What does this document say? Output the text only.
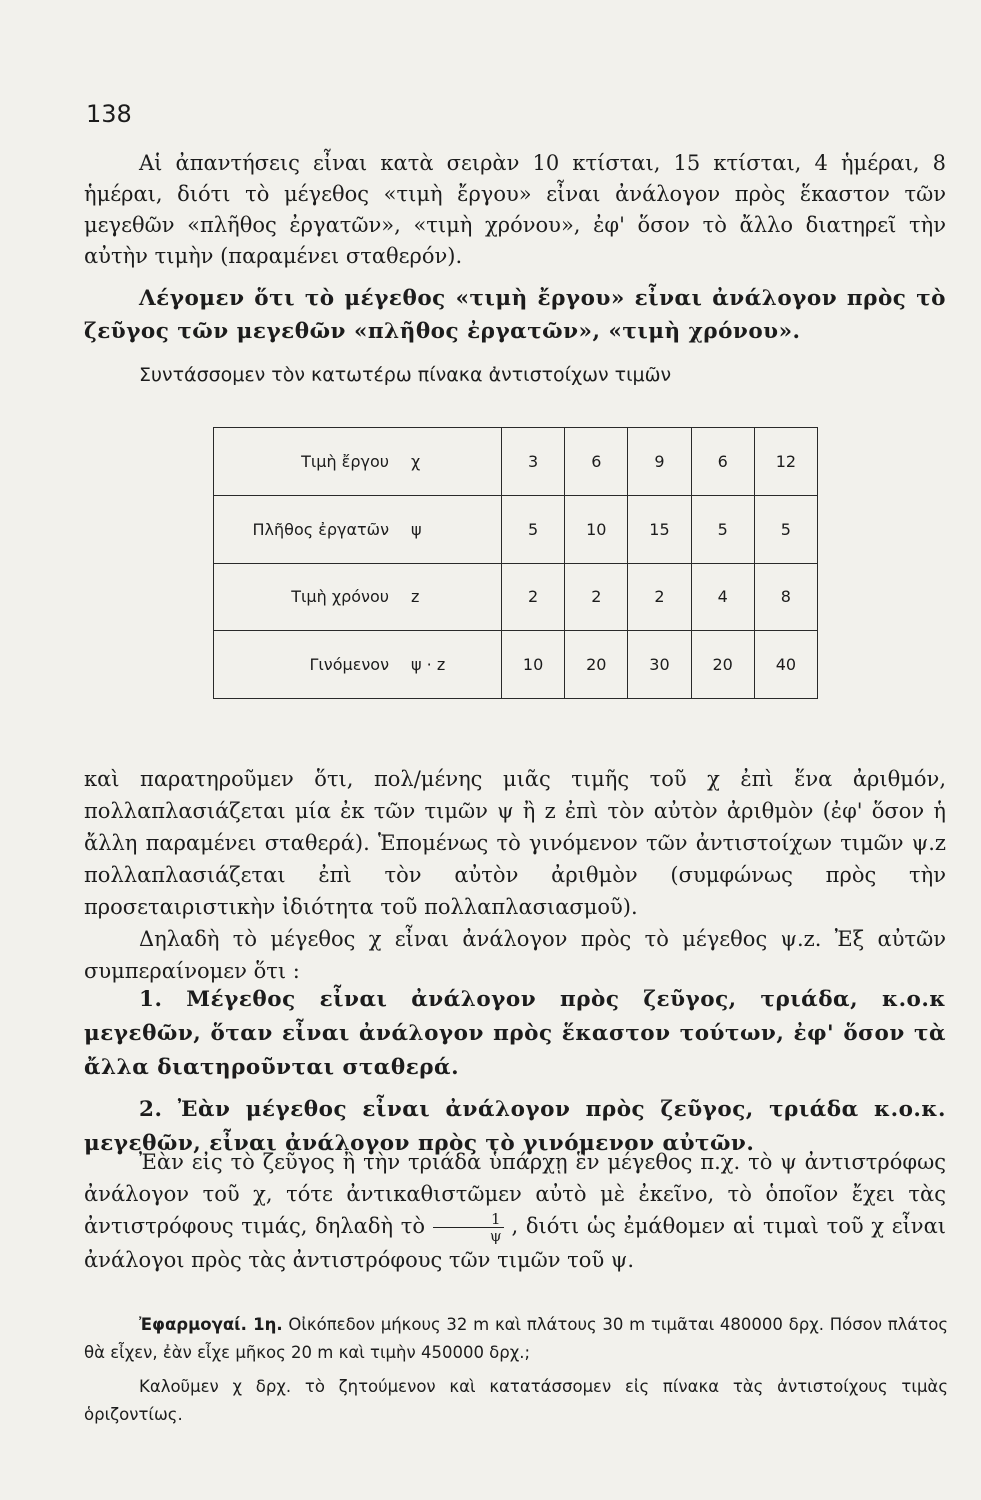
138

Αἱ ἀπαντήσεις εἶναι κατὰ σειρὰν 10 κτίσται, 15 κτίσται, 4 ἡμέραι, 8 ἡμέραι, διότι τὸ μέγεθος «τιμὴ ἔργου» εἶναι ἀνάλογον πρὸς ἕκαστον τῶν μεγεθῶν «πλῆθος ἐργατῶν», «τιμὴ χρόνου», ἐφ' ὅσον τὸ ἄλλο διατηρεῖ τὴν αὐτὴν τιμὴν (παραμένει σταθερόν).

Λέγομεν ὅτι τὸ μέγεθος «τιμὴ ἔργου» εἶναι ἀνάλογον πρὸς τὸ ζεῦγος τῶν μεγεθῶν «πλῆθος ἐργατῶν», «τιμὴ χρόνου».

Συντάσσομεν τὸν κατωτέρω πίνακα ἀντιστοίχων τιμῶν

Τιμὴ ἔργου	χ	3	6	9	6	12
Πλῆθος ἐργατῶν	ψ	5	10	15	5	5
Τιμὴ χρόνου	z	2	2	2	4	8
Γινόμενον	ψ · z	10	20	30	20	40

καὶ παρατηροῦμεν ὅτι, πολ/μένης μιᾶς τιμῆς τοῦ χ ἐπὶ ἕνα ἀριθμόν, πολλαπλασιάζεται μία ἐκ τῶν τιμῶν ψ ἢ z ἐπὶ τὸν αὐτὸν ἀριθμὸν (ἐφ' ὅσον ἡ ἄλλη παραμένει σταθερά). Ἑπομένως τὸ γινόμενον τῶν ἀντιστοίχων τιμῶν ψ.z πολλαπλασιάζεται ἐπὶ τὸν αὐτὸν ἀριθμὸν (συμφώνως πρὸς τὴν προσεταιριστικὴν ἰδιότητα τοῦ πολλαπλασιασμοῦ).

Δηλαδὴ τὸ μέγεθος χ εἶναι ἀνάλογον πρὸς τὸ μέγεθος ψ.z. Ἐξ αὐτῶν συμπεραίνομεν ὅτι :

1. Μέγεθος εἶναι ἀνάλογον πρὸς ζεῦγος, τριάδα, κ.ο.κ μεγεθῶν, ὅταν εἶναι ἀνάλογον πρὸς ἕκαστον τούτων, ἐφ' ὅσον τὰ ἄλλα διατηροῦνται σταθερά.

2. Ἐὰν μέγεθος εἶναι ἀνάλογον πρὸς ζεῦγος, τριάδα κ.ο.κ. μεγεθῶν, εἶναι ἀνάλογον πρὸς τὸ γινόμενον αὐτῶν.

Ἐὰν εἰς τὸ ζεῦγος ἢ τὴν τριάδα ὑπάρχῃ ἓν μέγεθος π.χ. τὸ ψ ἀντιστρόφως ἀνάλογον τοῦ χ, τότε ἀντικαθιστῶμεν αὐτὸ μὲ ἐκεῖνο, τὸ ὁποῖον ἔχει τὰς ἀντιστρόφους τιμάς, δηλαδὴ τὸ $\frac{1}{\psi}$ , διότι ὡς ἐμάθομεν αἱ τιμαὶ τοῦ χ εἶναι ἀνάλογοι πρὸς τὰς ἀντιστρόφους τῶν τιμῶν τοῦ ψ.

Ἐφαρμογαί. 1η. Οἰκόπεδον μήκους 32 m καὶ πλάτους 30 m τιμᾶται 480000 δρχ. Πόσον πλάτος θὰ εἶχεν, ἐὰν εἶχε μῆκος 20 m καὶ τιμὴν 450000 δρχ.;

Καλοῦμεν χ δρχ. τὸ ζητούμενον καὶ κατατάσσομεν εἰς πίνακα τὰς ἀντιστοίχους τιμὰς ὁριζοντίως.
